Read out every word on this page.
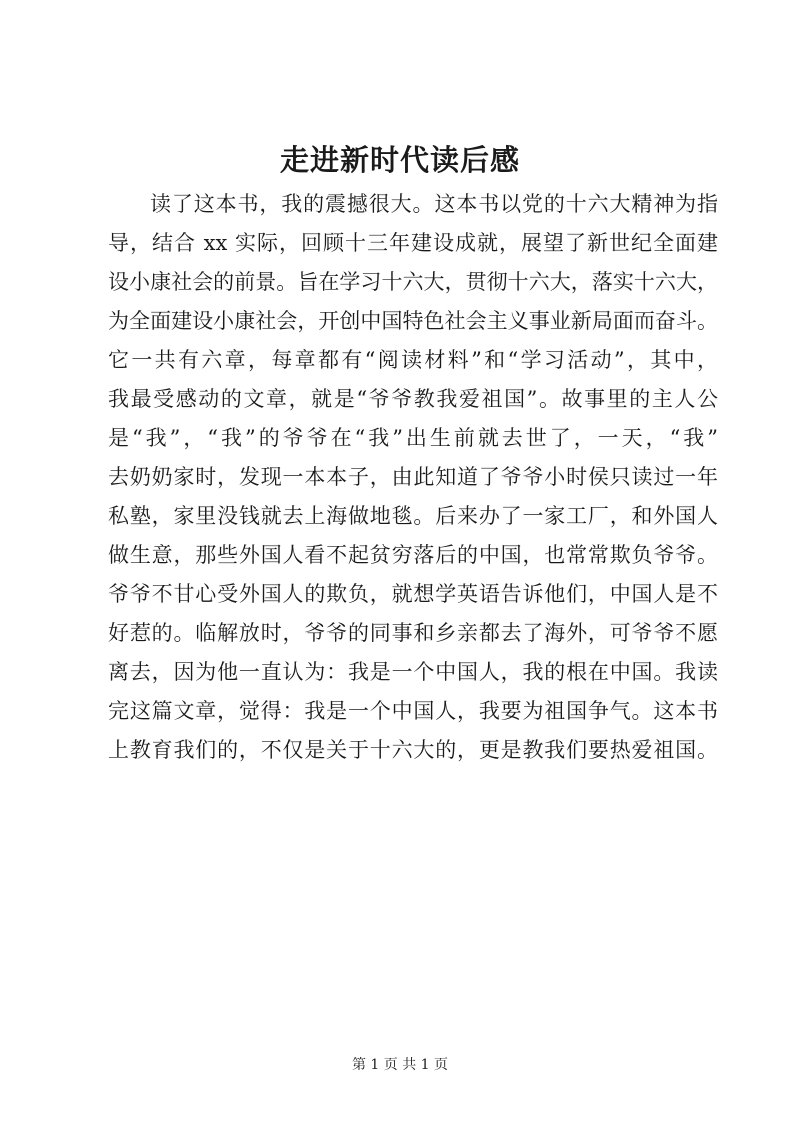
走进新时代读后感
读了这本书，我的震撼很大。这本书以党的十六大精神为指
导，结合 xx 实际，回顾十三年建设成就，展望了新世纪全面建
设小康社会的前景。旨在学习十六大，贯彻十六大，落实十六大，
为全面建设小康社会，开创中国特色社会主义事业新局面而奋斗。
它一共有六章，每章都有“阅读材料”和“学习活动”，其中，
我最受感动的文章，就是“爷爷教我爱祖国”。故事里的主人公
是“我”，“我”的爷爷在“我”出生前就去世了，一天，“我”
去奶奶家时，发现一本本子，由此知道了爷爷小时侯只读过一年
私塾，家里没钱就去上海做地毯。后来办了一家工厂，和外国人
做生意，那些外国人看不起贫穷落后的中国，也常常欺负爷爷。
爷爷不甘心受外国人的欺负，就想学英语告诉他们，中国人是不
好惹的。临解放时，爷爷的同事和乡亲都去了海外，可爷爷不愿
离去，因为他一直认为：我是一个中国人，我的根在中国。我读
完这篇文章，觉得：我是一个中国人，我要为祖国争气。这本书
上教育我们的，不仅是关于十六大的，更是教我们要热爱祖国。
第 1 页 共 1 页
